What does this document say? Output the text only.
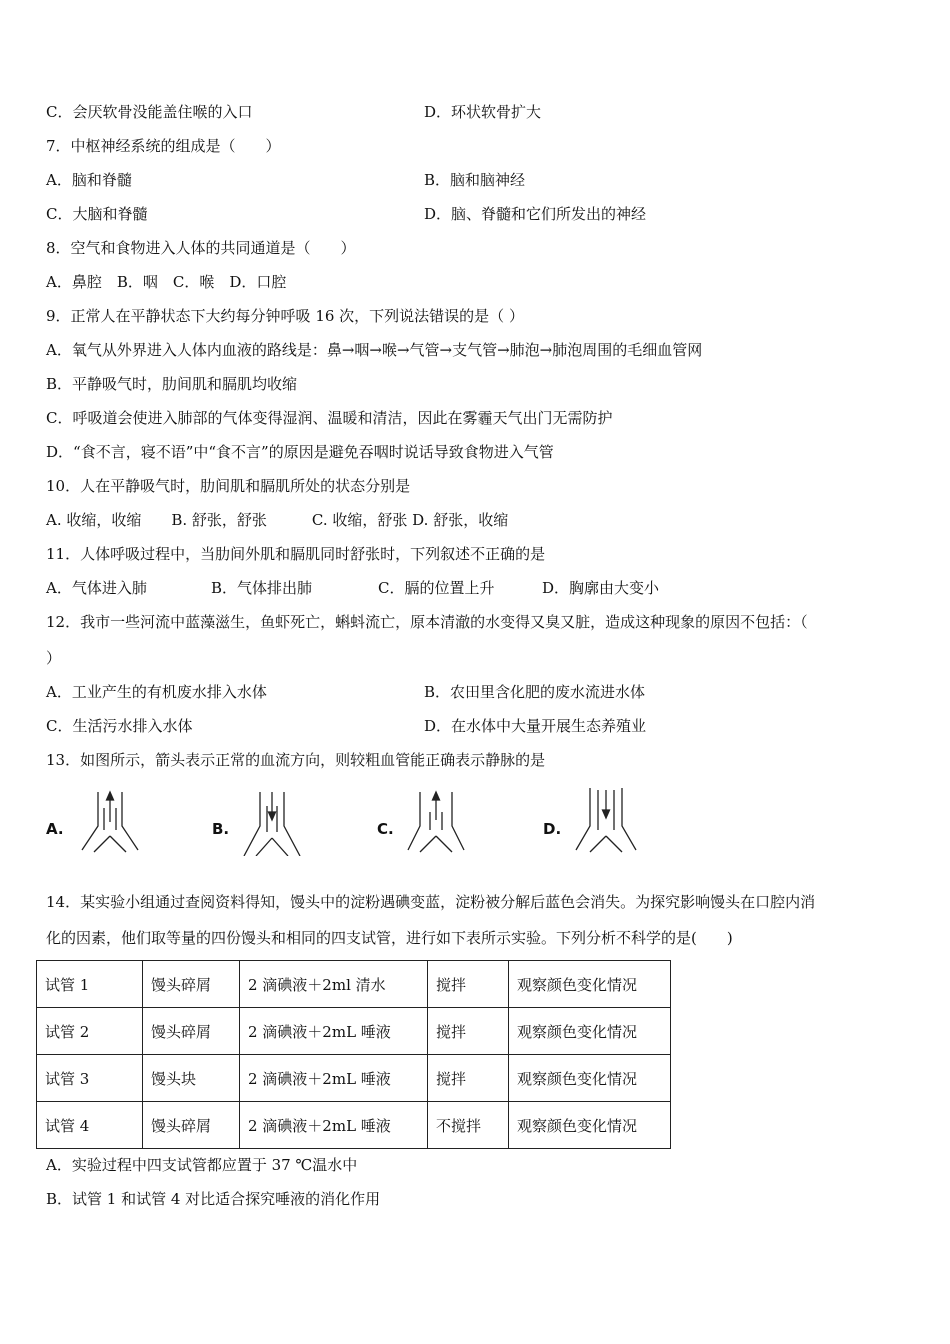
C．会厌软骨没能盖住喉的入口	D．环状软骨扩大
7．中枢神经系统的组成是（　　）
A．脑和脊髓	B．脑和脑神经
C．大脑和脊髓	D．脑、脊髓和它们所发出的神经
8．空气和食物进入人体的共同通道是（　　）
A．鼻腔　B．咽　C．喉　D．口腔
9．正常人在平静状态下大约每分钟呼吸 16 次，下列说法错误的是（ ）
A．氧气从外界进入人体内血液的路线是：鼻→咽→喉→气管→支气管→肺泡→肺泡周围的毛细血管网
B．平静吸气时，肋间肌和膈肌均收缩
C．呼吸道会使进入肺部的气体变得湿润、温暖和清洁，因此在雾霾天气出门无需防护
D．“食不言，寝不语”中“食不言”的原因是避免吞咽时说话导致食物进入气管
10．人在平静吸气时，肋间肌和膈肌所处的状态分别是
A. 收缩，收缩　　B. 舒张，舒张　　　C. 收缩，舒张 D. 舒张，收缩
11．人体呼吸过程中，当肋间外肌和膈肌同时舒张时，下列叙述不正确的是
A．气体进入肺	B．气体排出肺	C．膈的位置上升	D．胸廓由大变小
12．我市一些河流中蓝藻滋生，鱼虾死亡，蝌蚪流亡，原本清澈的水变得又臭又脏，造成这种现象的原因不包括：（
）
A．工业产生的有机废水排入水体	B．农田里含化肥的废水流进水体
C．生活污水排入水体	D．在水体中大量开展生态养殖业
13．如图所示，箭头表示正常的血流方向，则较粗血管能正确表示静脉的是
A.	B.	C.	D.
14．某实验小组通过查阅资料得知，馒头中的淀粉遇碘变蓝，淀粉被分解后蓝色会消失。为探究影响馒头在口腔内消
化的因素，他们取等量的四份馒头和相同的四支试管，进行如下表所示实验。下列分析不科学的是(　　)
试管 1	馒头碎屑	2 滴碘液＋2ml 清水	搅拌	观察颜色变化情况
试管 2	馒头碎屑	2 滴碘液＋2mL 唾液	搅拌	观察颜色变化情况
试管 3	馒头块	2 滴碘液＋2mL 唾液	搅拌	观察颜色变化情况
试管 4	馒头碎屑	2 滴碘液＋2mL 唾液	不搅拌	观察颜色变化情况
A．实验过程中四支试管都应置于 37 ℃温水中
B．试管 1 和试管 4 对比适合探究唾液的消化作用
